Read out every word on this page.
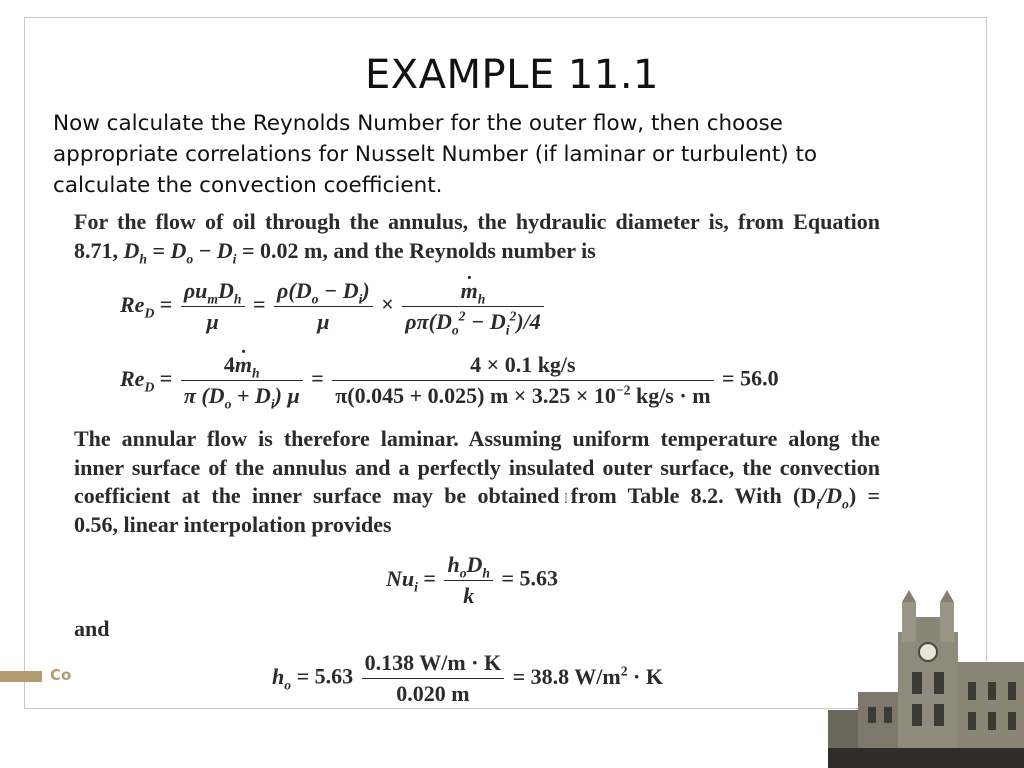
EXAMPLE 11.1
Now calculate the Reynolds Number for the outer flow, then choose
appropriate correlations for Nusselt Number (if laminar or turbulent) to
calculate the convection coefficient.
For the flow of oil through the annulus, the hydraulic diameter is, from Equation
8.71, $D_h = D_o - D_i = 0.02$ m, and the Reynolds number is
$Re_D = \frac{\rho u_mD_h}{\mu} = \frac{\rho(D_o - D_i)}{\mu}$ ×
· $\frac{m_h}{\rho\pi(D_o^2 - D_i^2)/4}$
$Re_D = \frac{4\cdot m_h}{\pi (D_o + D_i) \mu} = \frac{4 \times 0.1 kg/s}{\pi(0.045 + 0.025) m \times 3.25 \times 10^{-2} kg/s \cdot m} = 56.0$
The annular flow is therefore laminar. Assuming uniform temperature along the
inner surface of the annulus and a perfectly insulated outer surface, the convection
coefficient at the inner surface may be obtained from Table 8.2. With $(D_i/D_o)$ =
0.56, linear interpolation provides
$Nu_i = \frac{h_oD_h}{k} = 5.63$
and
$h_o = 5.63 \frac{0.138 W/m \cdot K}{0.020 m} = 38.8$ $W/m^2 \cdot K$
Co
